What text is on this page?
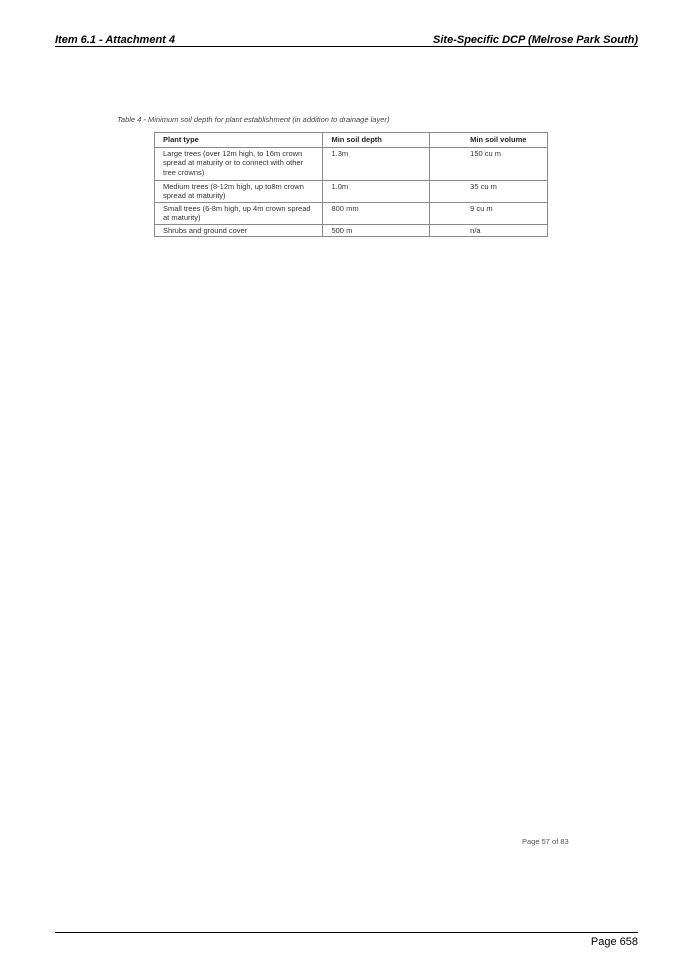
Item 6.1 - Attachment 4	Site-Specific DCP (Melrose Park South)
Table 4 - Minimum soil depth for plant establishment (in addition to drainage layer)
Plant type	Min soil depth	Min soil volume
Large trees (over 12m high, to 16m crown spread at maturity or to connect with other tree crowns)	1.3m	150 cu m
Medium trees (8-12m high, up to8m crown spread at maturity)	1.0m	35 cu m
Small trees (6-8m high, up 4m crown spread at maturity)	800 mm	9 cu m
Shrubs and ground cover	500 m	n/a
Page 57 of 83
Page 658
